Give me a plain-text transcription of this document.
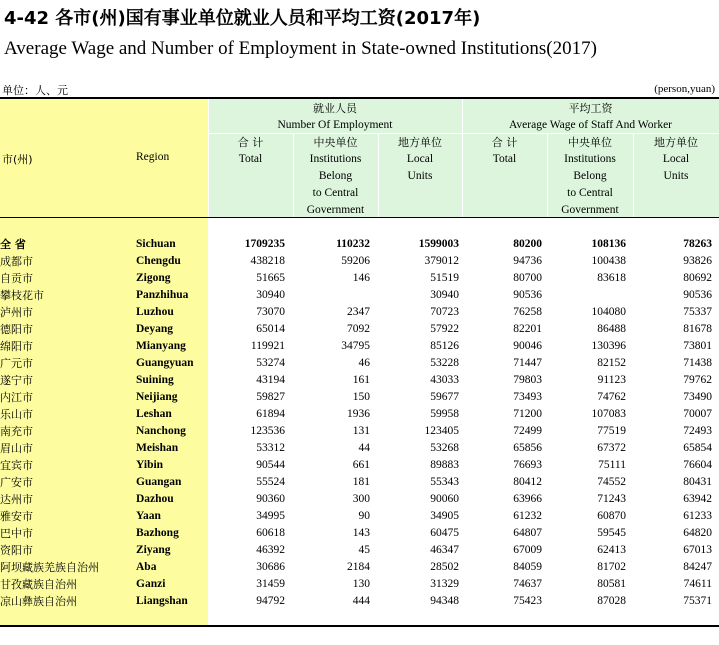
4-42 各市(州)国有事业单位就业人员和平均工资(2017年)
Average Wage and Number of Employment in State-owned Institutions(2017)
单位：人、元	(person,yuan)
市(州)	Region
就业人员
Number Of Employment
平均工资
Average Wage of Staff And Worker
合 计
Total
中央单位
Institutions
Belong
to Central
Government
地方单位
Local
Units
合 计
Total
中央单位
Institutions
Belong
to Central
Government
地方单位
Local
Units
全 省	Sichuan	1709235	110232	1599003	80200	108136	78263
成都市	Chengdu	438218	59206	379012	94736	100438	93826
自贡市	Zigong	51665	146	51519	80700	83618	80692
攀枝花市	Panzhihua	30940		30940	90536		90536
泸州市	Luzhou	73070	2347	70723	76258	104080	75337
德阳市	Deyang	65014	7092	57922	82201	86488	81678
绵阳市	Mianyang	119921	34795	85126	90046	130396	73801
广元市	Guangyuan	53274	46	53228	71447	82152	71438
遂宁市	Suining	43194	161	43033	79803	91123	79762
内江市	Neijiang	59827	150	59677	73493	74762	73490
乐山市	Leshan	61894	1936	59958	71200	107083	70007
南充市	Nanchong	123536	131	123405	72499	77519	72493
眉山市	Meishan	53312	44	53268	65856	67372	65854
宜宾市	Yibin	90544	661	89883	76693	75111	76604
广安市	Guangan	55524	181	55343	80412	74552	80431
达州市	Dazhou	90360	300	90060	63966	71243	63942
雅安市	Yaan	34995	90	34905	61232	60870	61233
巴中市	Bazhong	60618	143	60475	64807	59545	64820
资阳市	Ziyang	46392	45	46347	67009	62413	67013
阿坝藏族羌族自治州	Aba	30686	2184	28502	84059	81702	84247
甘孜藏族自治州	Ganzi	31459	130	31329	74637	80581	74611
凉山彝族自治州	Liangshan	94792	444	94348	75423	87028	75371
